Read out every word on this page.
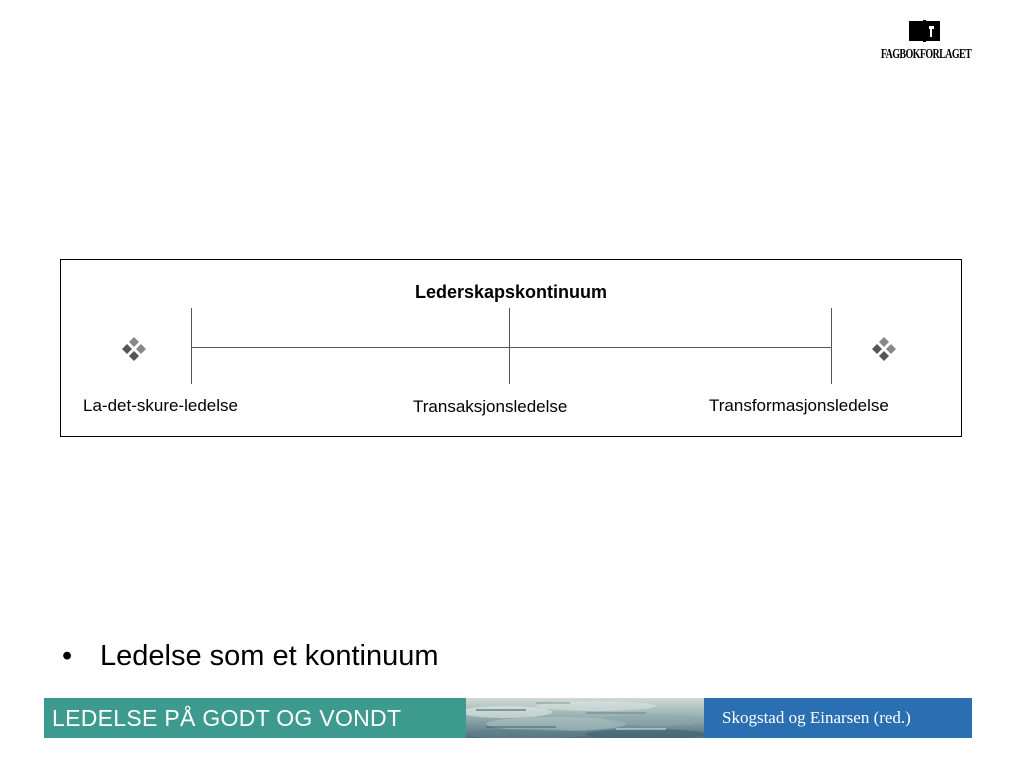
FAGBOKFORLAGET
Lederskapskontinuum
La-det-skure-ledelse	Transaksjonsledelse	Transformasjonsledelse
• Ledelse som et kontinuum
LEDELSE PÅ GODT OG VONDT	Skogstad og Einarsen (red.)
